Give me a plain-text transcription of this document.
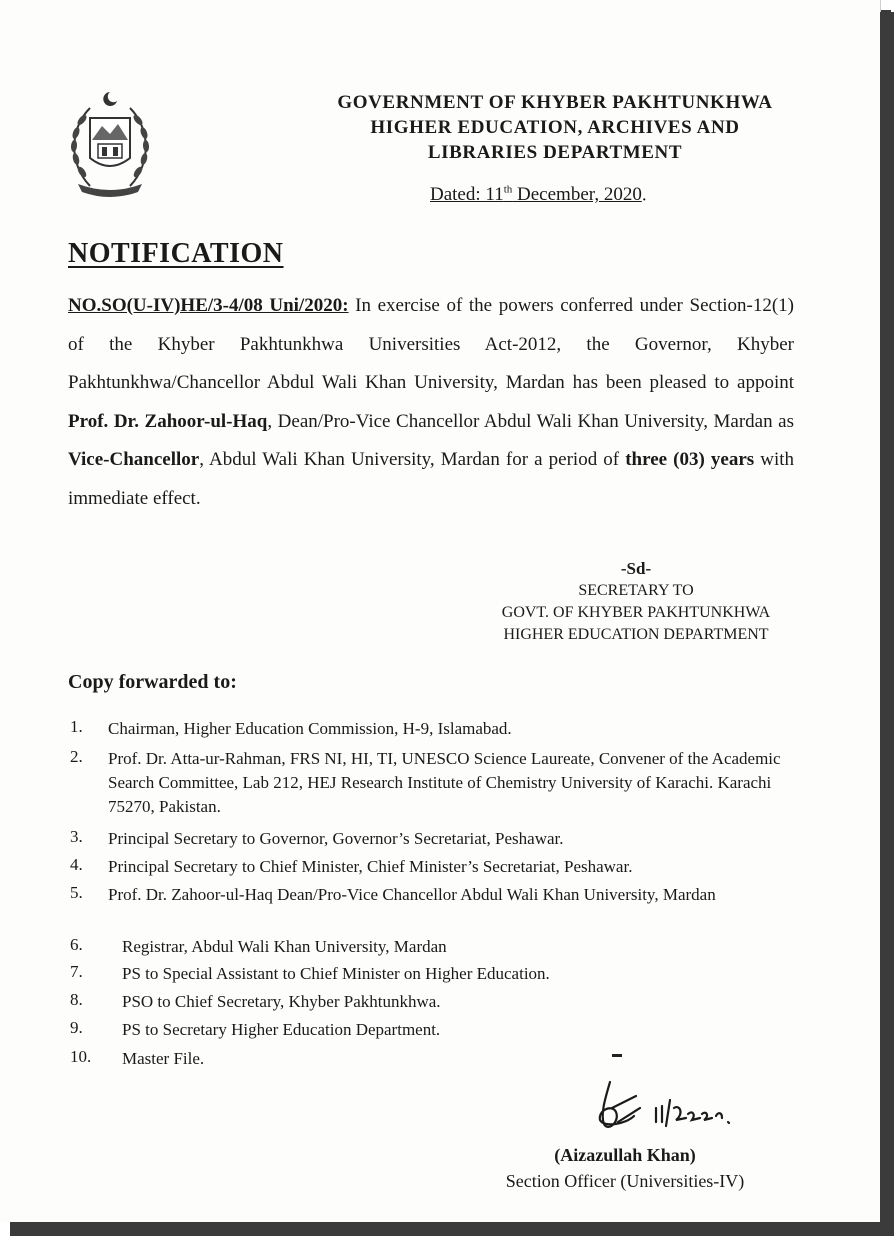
GOVERNMENT OF KHYBER PAKHTUNKHWA
HIGHER EDUCATION, ARCHIVES AND
LIBRARIES DEPARTMENT
Dated: 11th December, 2020.
NOTIFICATION
NO.SO(U-IV)HE/3-4/08 Uni/2020: In exercise of the powers conferred under Section-12(1) of the Khyber Pakhtunkhwa Universities Act-2012, the Governor, Khyber Pakhtunkhwa/Chancellor Abdul Wali Khan University, Mardan has been pleased to appoint Prof. Dr. Zahoor-ul-Haq, Dean/Pro-Vice Chancellor Abdul Wali Khan University, Mardan as Vice-Chancellor, Abdul Wali Khan University, Mardan for a period of three (03) years with immediate effect.
-Sd-
SECRETARY TO
GOVT. OF KHYBER PAKHTUNKHWA
HIGHER EDUCATION DEPARTMENT
Copy forwarded to:
1.	Chairman, Higher Education Commission, H-9, Islamabad.
2.	Prof. Dr. Atta-ur-Rahman, FRS NI, HI, TI, UNESCO Science Laureate, Convener of the Academic Search Committee, Lab 212, HEJ Research Institute of Chemistry University of Karachi. Karachi 75270, Pakistan.
3.	Principal Secretary to Governor, Governor’s Secretariat, Peshawar.
4.	Principal Secretary to Chief Minister, Chief Minister’s Secretariat, Peshawar.
5.	Prof. Dr. Zahoor-ul-Haq Dean/Pro-Vice Chancellor Abdul Wali Khan University, Mardan
6.	Registrar, Abdul Wali Khan University, Mardan
7.	PS to Special Assistant to Chief Minister on Higher Education.
8.	PSO to Chief Secretary, Khyber Pakhtunkhwa.
9.	PS to Secretary Higher Education Department.
10.	Master File.
(Aizazullah Khan)
Section Officer (Universities-IV)
